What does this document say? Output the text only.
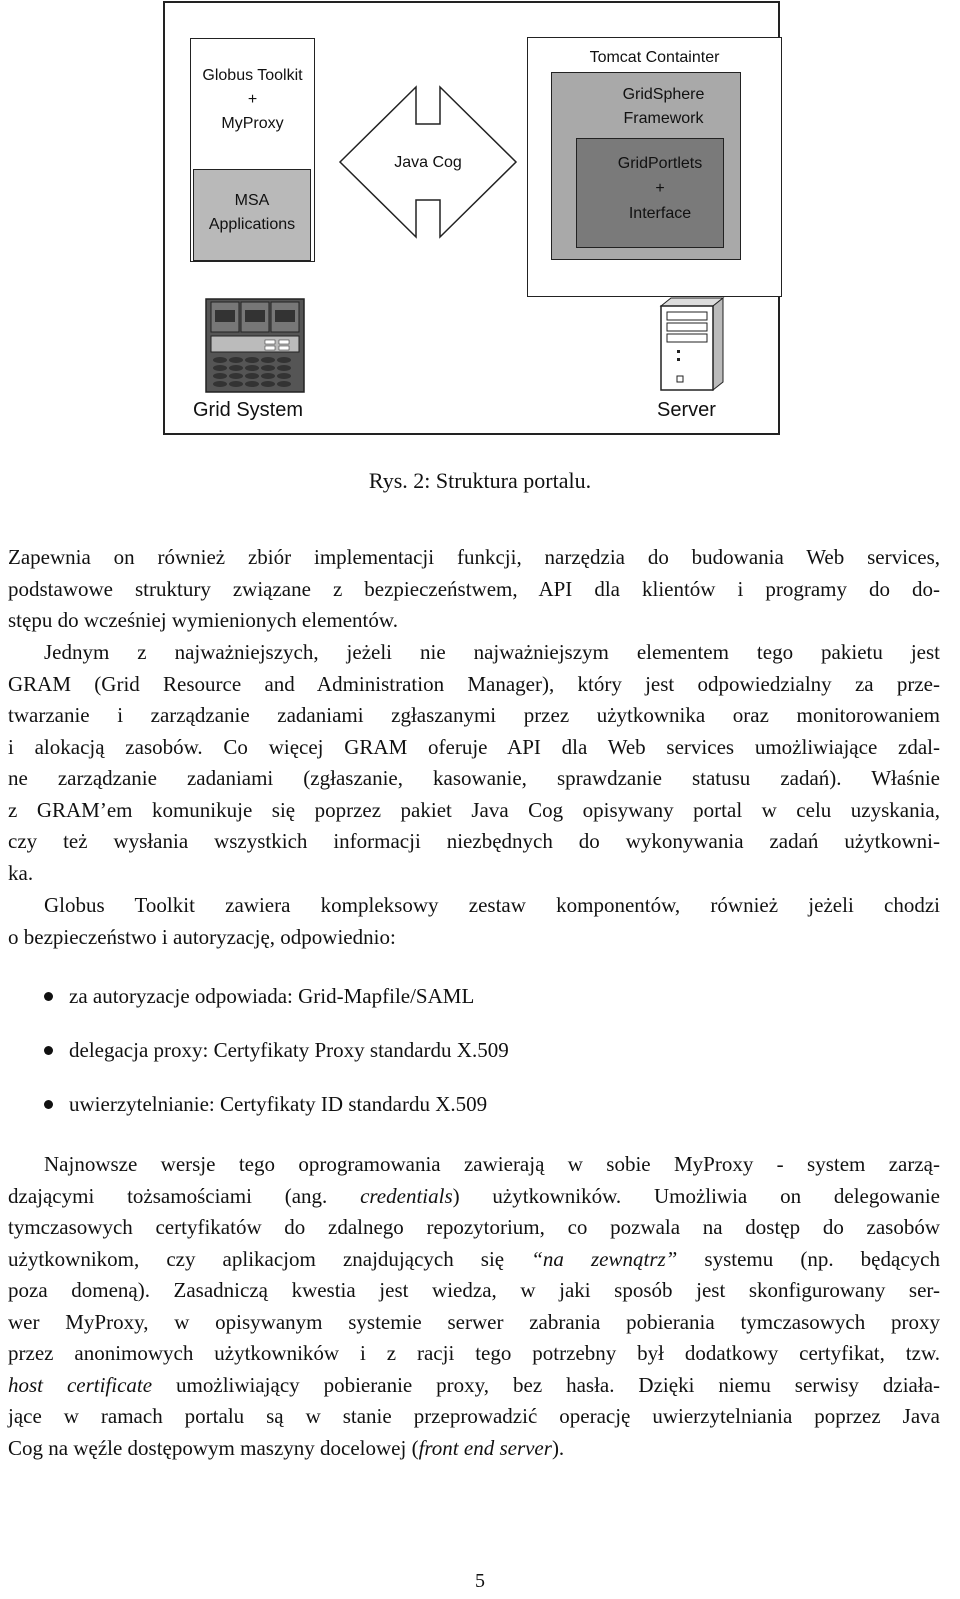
Globus Toolkit
+
MyProxy
MSA
Applications
Java Cog
Tomcat Containter
GridSphere
Framework
GridPortlets
+
Interface
Grid System	Server
Rys. 2: Struktura portalu.
Zapewnia on również zbiór implementacji funkcji, narzędzia do budowania Web services,
podstawowe struktury związane z bezpieczeństwem, API dla klientów i programy do do-
stępu do wcześniej wymienionych elementów.
Jednym z najważniejszych, jeżeli nie najważniejszym elementem tego pakietu jest
GRAM (Grid Resource and Administration Manager), który jest odpowiedzialny za prze-
twarzanie i zarządzanie zadaniami zgłaszanymi przez użytkownika oraz monitorowaniem
i alokacją zasobów. Co więcej GRAM oferuje API dla Web services umożliwiające zdal-
ne zarządzanie zadaniami (zgłaszanie, kasowanie, sprawdzanie statusu zadań). Właśnie
z GRAM’em komunikuje się poprzez pakiet Java Cog opisywany portal w celu uzyskania,
czy też wysłania wszystkich informacji niezbędnych do wykonywania zadań użytkowni-
ka.
Globus Toolkit zawiera kompleksowy zestaw komponentów, również jeżeli chodzi
o bezpieczeństwo i autoryzację, odpowiednio:
za autoryzacje odpowiada: Grid-Mapfile/SAML
delegacja proxy: Certyfikaty Proxy standardu X.509
uwierzytelnianie: Certyfikaty ID standardu X.509
Najnowsze wersje tego oprogramowania zawierają w sobie MyProxy - system zarzą-
dzającymi tożsamościami (ang. credentials) użytkowników. Umożliwia on delegowanie
tymczasowych certyfikatów do zdalnego repozytorium, co pozwala na dostęp do zasobów
użytkownikom, czy aplikacjom znajdujących się “na zewnątrz” systemu (np. będących
poza domeną). Zasadniczą kwestia jest wiedza, w jaki sposób jest skonfigurowany ser-
wer MyProxy, w opisywanym systemie serwer zabrania pobierania tymczasowych proxy
przez anonimowych użytkowników i z racji tego potrzebny był dodatkowy certyfikat, tzw.
host certificate umożliwiający pobieranie proxy, bez hasła. Dzięki niemu serwisy działa-
jące w ramach portalu są w stanie przeprowadzić operację uwierzytelniania poprzez Java
Cog na węźle dostępowym maszyny docelowej (front end server).
5
